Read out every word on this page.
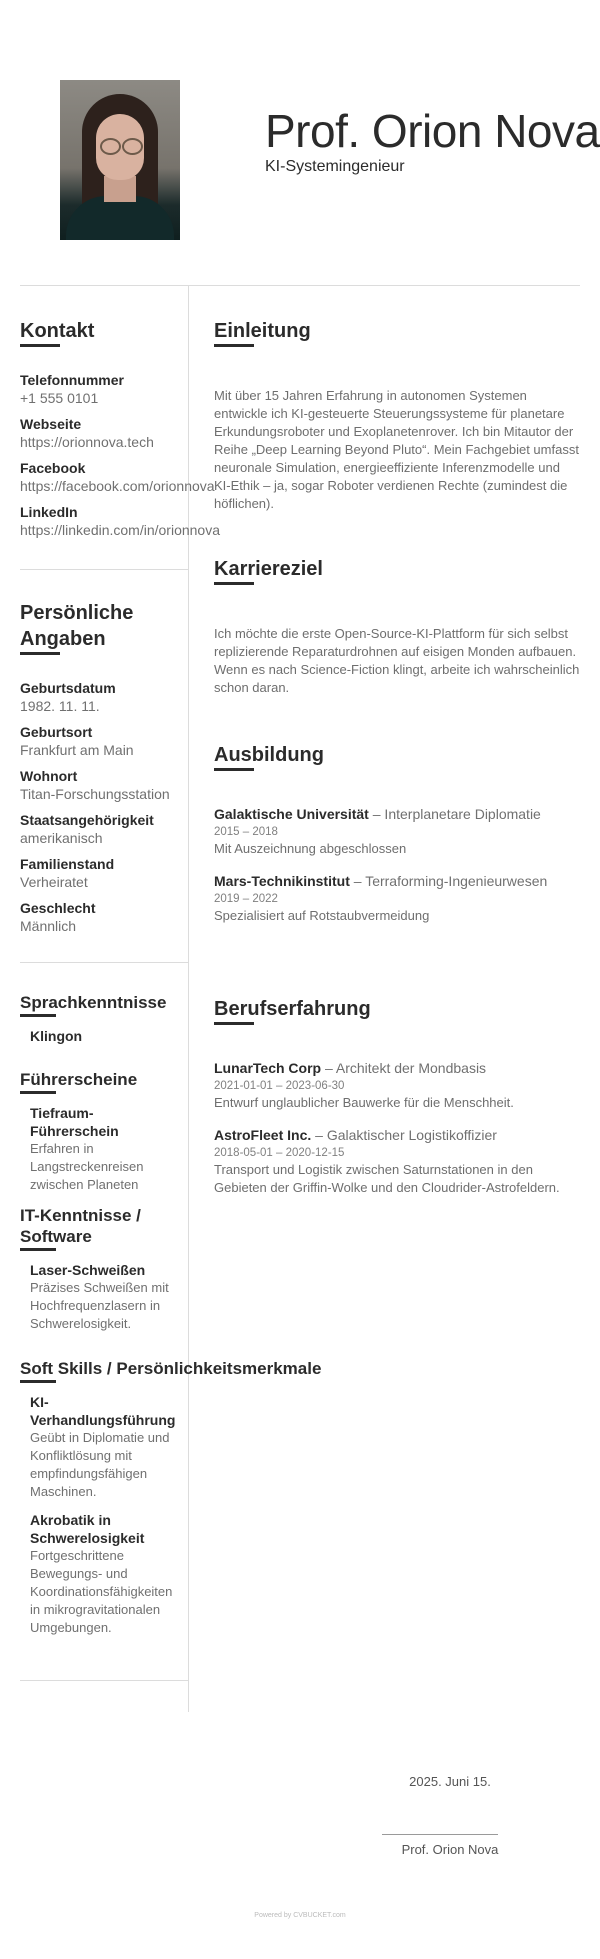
Prof. Orion Nova
KI-Systemingenieur
Kontakt
Telefonnummer
+1 555 0101
Webseite
https://orionnova.tech
Facebook
https://facebook.com/orionnova
LinkedIn
https://linkedin.com/in/orionnova
Persönliche Angaben
Geburtsdatum
1982. 11. 11.
Geburtsort
Frankfurt am Main
Wohnort
Titan-Forschungsstation
Staatsangehörigkeit
amerikanisch
Familienstand
Verheiratet
Geschlecht
Männlich
Sprachkenntnisse
Klingon
Führerscheine
Tiefraum-Führerschein
Erfahren in Langstreckenreisen zwischen Planeten
IT-Kenntnisse / Software
Laser-Schweißen
Präzises Schweißen mit Hochfrequenzlasern in Schwerelosigkeit.
Soft Skills / Persönlichkeitsmerkmale
KI-Verhandlungsführung
Geübt in Diplomatie und Konfliktlösung mit empfindungsfähigen Maschinen.
Akrobatik in Schwerelosigkeit
Fortgeschrittene Bewegungs- und Koordinationsfähigkeiten in mikrogravitationalen Umgebungen.
Einleitung

Mit über 15 Jahren Erfahrung in autonomen Systemen entwickle ich KI-gesteuerte Steuerungssysteme für planetare Erkundungsroboter und Exoplanetenrover. Ich bin Mitautor der Reihe „Deep Learning Beyond Pluto“. Mein Fachgebiet umfasst neuronale Simulation, energieeffiziente Inferenzmodelle und KI-Ethik – ja, sogar Roboter verdienen Rechte (zumindest die höflichen).

Karriereziel

Ich möchte die erste Open-Source-KI-Plattform für sich selbst replizierende Reparaturdrohnen auf eisigen Monden aufbauen. Wenn es nach Science-Fiction klingt, arbeite ich wahrscheinlich schon daran.

Ausbildung
Galaktische Universität – Interplanetare Diplomatie
2015 – 2018
Mit Auszeichnung abgeschlossen
Mars-Technikinstitut – Terraforming-Ingenieurwesen
2019 – 2022
Spezialisiert auf Rotstaubvermeidung
Berufserfahrung
LunarTech Corp – Architekt der Mondbasis
2021-01-01 – 2023-06-30
Entwurf unglaublicher Bauwerke für die Menschheit.
AstroFleet Inc. – Galaktischer Logistikoffizier
2018-05-01 – 2020-12-15
Transport und Logistik zwischen Saturnstationen in den Gebieten der Griffin-Wolke und den Cloudrider-Astrofeldern.
2025. Juni 15.
Prof. Orion Nova
Powered by CVBUCKET.com
